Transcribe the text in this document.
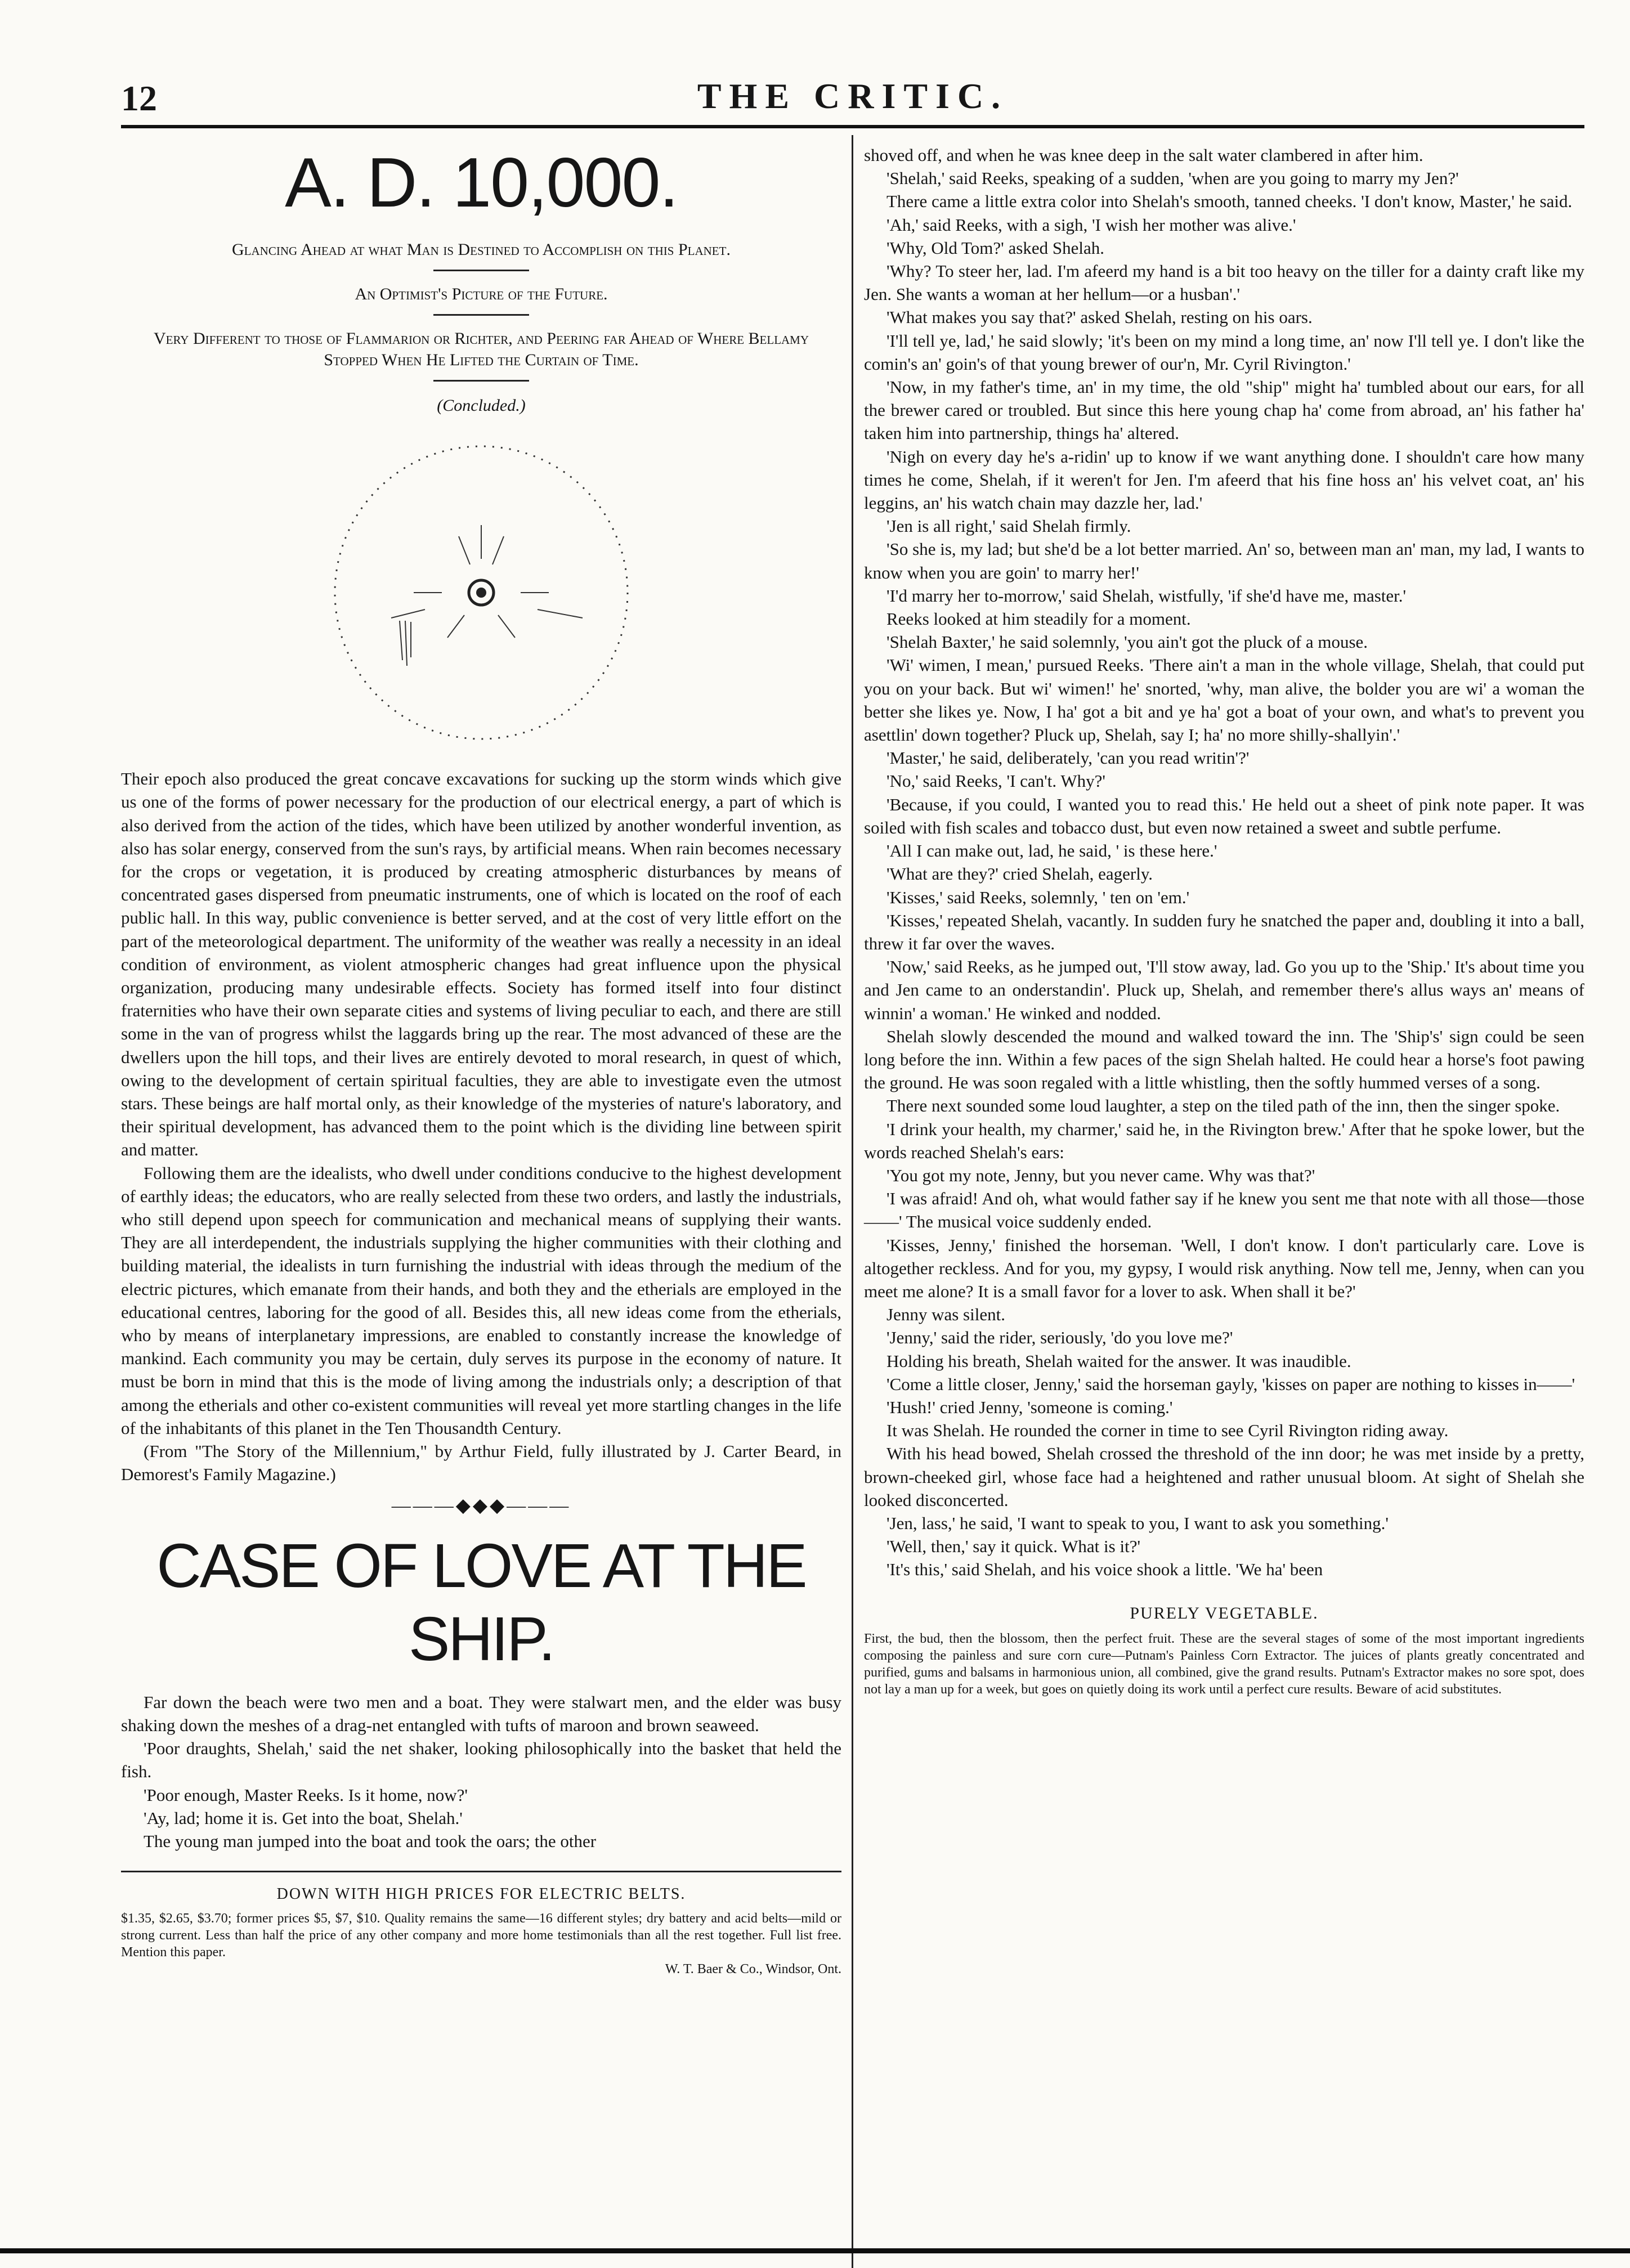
12	THE CRITIC.
A. D. 10,000.
Glancing Ahead at what Man is Destined to Accomplish on this Planet.
An Optimist's Picture of the Future.
Very Different to those of Flammarion or Richter, and Peering far Ahead of Where Bellamy Stopped When He Lifted the Curtain of Time.
(Concluded.)

Their epoch also produced the great concave excavations for sucking up the storm winds which give us one of the forms of power necessary for the production of our electrical energy, a part of which is also derived from the action of the tides, which have been utilized by another wonderful invention, as also has solar energy, conserved from the sun's rays, by artificial means. When rain becomes necessary for the crops or vegetation, it is produced by creating atmospheric disturbances by means of concentrated gases dispersed from pneumatic instruments, one of which is located on the roof of each public hall. In this way, public convenience is better served, and at the cost of very little effort on the part of the meteorological department. The uniformity of the weather was really a necessity in an ideal condition of environment, as violent atmospheric changes had great influence upon the physical organization, producing many undesirable effects. Society has formed itself into four distinct fraternities who have their own separate cities and systems of living peculiar to each, and there are still some in the van of progress whilst the laggards bring up the rear. The most advanced of these are the dwellers upon the hill tops, and their lives are entirely devoted to moral research, in quest of which, owing to the development of certain spiritual faculties, they are able to investigate even the utmost stars. These beings are half mortal only, as their knowledge of the mysteries of nature's laboratory, and their spiritual development, has advanced them to the point which is the dividing line between spirit and matter.

Following them are the idealists, who dwell under conditions conducive to the highest development of earthly ideas; the educators, who are really selected from these two orders, and lastly the industrials, who still depend upon speech for communication and mechanical means of supplying their wants. They are all interdependent, the industrials supplying the higher communities with their clothing and building material, the idealists in turn furnishing the industrial with ideas through the medium of the electric pictures, which emanate from their hands, and both they and the etherials are employed in the educational centres, laboring for the good of all. Besides this, all new ideas come from the etherials, who by means of interplanetary impressions, are enabled to constantly increase the knowledge of mankind. Each community you may be certain, duly serves its purpose in the economy of nature. It must be born in mind that this is the mode of living among the industrials only; a description of that among the etherials and other co-existent communities will reveal yet more startling changes in the life of the inhabitants of this planet in the Ten Thousandth Century.

(From "The Story of the Millennium," by Arthur Field, fully illustrated by J. Carter Beard, in Demorest's Family Magazine.)

———◆◆◆———
CASE OF LOVE AT THE SHIP.

Far down the beach were two men and a boat. They were stalwart men, and the elder was busy shaking down the meshes of a drag-net entangled with tufts of maroon and brown seaweed.

'Poor draughts, Shelah,' said the net shaker, looking philosophically into the basket that held the fish.

'Poor enough, Master Reeks. Is it home, now?'

'Ay, lad; home it is. Get into the boat, Shelah.'

The young man jumped into the boat and took the oars; the other

DOWN WITH HIGH PRICES FOR ELECTRIC BELTS.
$1.35, $2.65, $3.70; former prices $5, $7, $10. Quality remains the same—16 different styles; dry battery and acid belts—mild or strong current. Less than half the price of any other company and more home testimonials than all the rest together. Full list free. Mention this paper.
W. T. Baer & Co., Windsor, Ont.

shoved off, and when he was knee deep in the salt water clambered in after him.

'Shelah,' said Reeks, speaking of a sudden, 'when are you going to marry my Jen?'

There came a little extra color into Shelah's smooth, tanned cheeks. 'I don't know, Master,' he said.

'Ah,' said Reeks, with a sigh, 'I wish her mother was alive.'

'Why, Old Tom?' asked Shelah.

'Why? To steer her, lad. I'm afeerd my hand is a bit too heavy on the tiller for a dainty craft like my Jen. She wants a woman at her hellum—or a husban'.'

'What makes you say that?' asked Shelah, resting on his oars.

'I'll tell ye, lad,' he said slowly; 'it's been on my mind a long time, an' now I'll tell ye. I don't like the comin's an' goin's of that young brewer of our'n, Mr. Cyril Rivington.'

'Now, in my father's time, an' in my time, the old "ship" might ha' tumbled about our ears, for all the brewer cared or troubled. But since this here young chap ha' come from abroad, an' his father ha' taken him into partnership, things ha' altered.

'Nigh on every day he's a-ridin' up to know if we want anything done. I shouldn't care how many times he come, Shelah, if it weren't for Jen. I'm afeerd that his fine hoss an' his velvet coat, an' his leggins, an' his watch chain may dazzle her, lad.'

'Jen is all right,' said Shelah firmly.

'So she is, my lad; but she'd be a lot better married. An' so, between man an' man, my lad, I wants to know when you are goin' to marry her!'

'I'd marry her to-morrow,' said Shelah, wistfully, 'if she'd have me, master.'

Reeks looked at him steadily for a moment.

'Shelah Baxter,' he said solemnly, 'you ain't got the pluck of a mouse.

'Wi' wimen, I mean,' pursued Reeks. 'There ain't a man in the whole village, Shelah, that could put you on your back. But wi' wimen!' he' snorted, 'why, man alive, the bolder you are wi' a woman the better she likes ye. Now, I ha' got a bit and ye ha' got a boat of your own, and what's to prevent you asettlin' down together? Pluck up, Shelah, say I; ha' no more shilly-shallyin'.'

'Master,' he said, deliberately, 'can you read writin'?'

'No,' said Reeks, 'I can't. Why?'

'Because, if you could, I wanted you to read this.' He held out a sheet of pink note paper. It was soiled with fish scales and tobacco dust, but even now retained a sweet and subtle perfume.

'All I can make out, lad, he said, ' is these here.'

'What are they?' cried Shelah, eagerly.

'Kisses,' said Reeks, solemnly, ' ten on 'em.'

'Kisses,' repeated Shelah, vacantly. In sudden fury he snatched the paper and, doubling it into a ball, threw it far over the waves.

'Now,' said Reeks, as he jumped out, 'I'll stow away, lad. Go you up to the 'Ship.' It's about time you and Jen came to an onderstandin'. Pluck up, Shelah, and remember there's allus ways an' means of winnin' a woman.' He winked and nodded.

Shelah slowly descended the mound and walked toward the inn. The 'Ship's' sign could be seen long before the inn. Within a few paces of the sign Shelah halted. He could hear a horse's foot pawing the ground. He was soon regaled with a little whistling, then the softly hummed verses of a song.

There next sounded some loud laughter, a step on the tiled path of the inn, then the singer spoke.

'I drink your health, my charmer,' said he, in the Rivington brew.' After that he spoke lower, but the words reached Shelah's ears:

'You got my note, Jenny, but you never came. Why was that?'

'I was afraid! And oh, what would father say if he knew you sent me that note with all those—those——' The musical voice suddenly ended.

'Kisses, Jenny,' finished the horseman. 'Well, I don't know. I don't particularly care. Love is altogether reckless. And for you, my gypsy, I would risk anything. Now tell me, Jenny, when can you meet me alone? It is a small favor for a lover to ask. When shall it be?'

Jenny was silent.

'Jenny,' said the rider, seriously, 'do you love me?'

Holding his breath, Shelah waited for the answer. It was inaudible.

'Come a little closer, Jenny,' said the horseman gayly, 'kisses on paper are nothing to kisses in——'

'Hush!' cried Jenny, 'someone is coming.'

It was Shelah. He rounded the corner in time to see Cyril Rivington riding away.

With his head bowed, Shelah crossed the threshold of the inn door; he was met inside by a pretty, brown-cheeked girl, whose face had a heightened and rather unusual bloom. At sight of Shelah she looked disconcerted.

'Jen, lass,' he said, 'I want to speak to you, I want to ask you something.'

'Well, then,' say it quick. What is it?'

'It's this,' said Shelah, and his voice shook a little. 'We ha' been

PURELY VEGETABLE.
First, the bud, then the blossom, then the perfect fruit. These are the several stages of some of the most important ingredients composing the painless and sure corn cure—Putnam's Painless Corn Extractor. The juices of plants greatly concentrated and purified, gums and balsams in harmonious union, all combined, give the grand results. Putnam's Extractor makes no sore spot, does not lay a man up for a week, but goes on quietly doing its work until a perfect cure results. Beware of acid substitutes.
